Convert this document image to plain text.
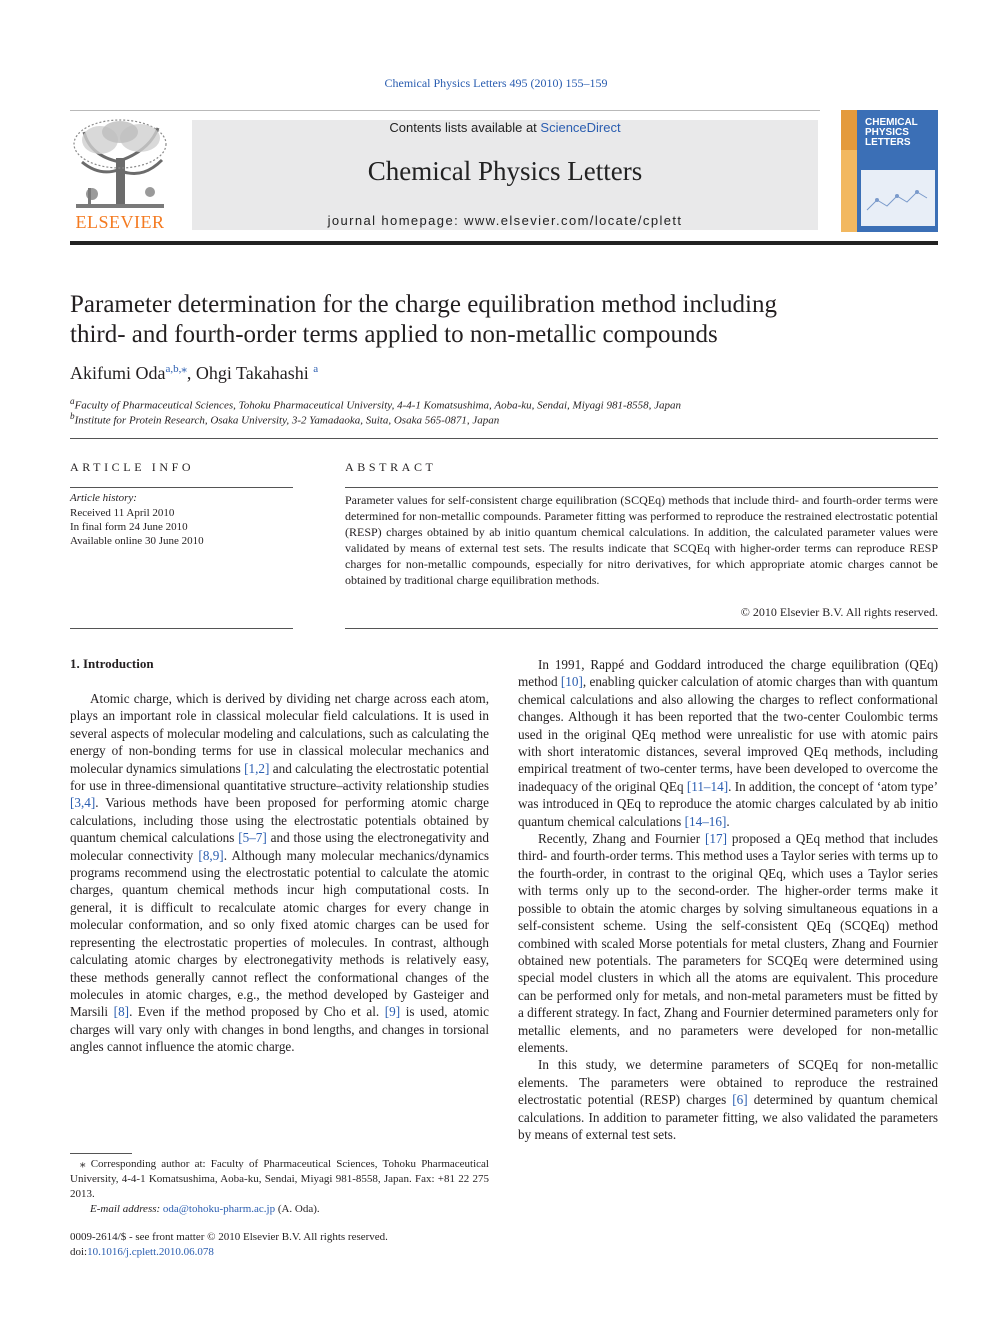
Chemical Physics Letters 495 (2010) 155–159
ELSEVIER
Contents lists available at ScienceDirect
Chemical Physics Letters
journal homepage: www.elsevier.com/locate/cplett
CHEMICAL PHYSICS LETTERS
Parameter determination for the charge equilibration method including
third- and fourth-order terms applied to non-metallic compounds
Akifumi Oda$^{a,b,⁎}$, Ohgi Takahashi $^a$
$^a$Faculty of Pharmaceutical Sciences, Tohoku Pharmaceutical University, 4-4-1 Komatsushima, Aoba-ku, Sendai, Miyagi 981-8558, Japan
$^b$Institute for Protein Research, Osaka University, 3-2 Yamadaoka, Suita, Osaka 565-0871, Japan
ARTICLE INFO
Article history:
Received 11 April 2010
In final form 24 June 2010
Available online 30 June 2010
ABSTRACT
Parameter values for self-consistent charge equilibration (SCQEq) methods that include third- and fourth-order terms were determined for non-metallic compounds. Parameter fitting was performed to reproduce the restrained electrostatic potential (RESP) charges obtained by ab initio quantum chemical calculations. In addition, the calculated parameter values were validated by means of external test sets. The results indicate that SCQEq with higher-order terms can reproduce RESP charges for non-metallic compounds, especially for nitro derivatives, for which appropriate atomic charges cannot be obtained by traditional charge equilibration methods.
© 2010 Elsevier B.V. All rights reserved.
1. Introduction

Atomic charge, which is derived by dividing net charge across each atom, plays an important role in classical molecular field calculations. It is used in several aspects of molecular modeling and calculations, such as calculating the energy of non-bonding terms for use in classical molecular mechanics and molecular dynamics simulations [1,2] and calculating the electrostatic potential for use in three-dimensional quantitative structure–activity relationship studies [3,4]. Various methods have been proposed for performing atomic charge calculations, including those using the electrostatic potentials obtained by quantum chemical calculations [5–7] and those using the electronegativity and molecular connectivity [8,9]. Although many molecular mechanics/dynamics programs recommend using the electrostatic potential to calculate the atomic charges, quantum chemical methods incur high computational costs. In general, it is difficult to recalculate atomic charges for every change in molecular conformation, and so only fixed atomic charges can be used for representing the electrostatic properties of molecules. In contrast, although calculating atomic charges by electronegativity methods is relatively easy, these methods generally cannot reflect the conformational changes of the molecules in atomic charges, e.g., the method developed by Gasteiger and Marsili [8]. Even if the method proposed by Cho et al. [9] is used, atomic charges will vary only with changes in bond lengths, and changes in torsional angles cannot influence the atomic charge.

In 1991, Rappé and Goddard introduced the charge equilibration (QEq) method [10], enabling quicker calculation of atomic charges than with quantum chemical calculations and also allowing the charges to reflect conformational changes. Although it has been reported that the two-center Coulombic terms used in the original QEq method were unrealistic for use with atomic pairs with short interatomic distances, several improved QEq methods, including empirical treatment of two-center terms, have been developed to overcome the inadequacy of the original QEq [11–14]. In addition, the concept of ‘atom type’ was introduced in QEq to reproduce the atomic charges calculated by ab initio quantum chemical calculations [14–16].

Recently, Zhang and Fournier [17] proposed a QEq method that includes third- and fourth-order terms. This method uses a Taylor series with terms up to the fourth-order, in contrast to the original QEq, which uses a Taylor series with terms only up to the second-order. The higher-order terms make it possible to obtain the atomic charges by solving simultaneous equations in a self-consistent scheme. Using the self-consistent QEq (SCQEq) method combined with scaled Morse potentials for metal clusters, Zhang and Fournier obtained new potentials. The parameters for SCQEq were determined using special model clusters in which all the atoms are equivalent. This procedure can be performed only for metals, and non-metal parameters must be fitted by a different strategy. In fact, Zhang and Fournier determined parameters only for metallic elements, and no parameters were developed for non-metallic elements.

In this study, we determine parameters of SCQEq for non-metallic elements. The parameters were obtained to reproduce the restrained electrostatic potential (RESP) charges [6] determined by quantum chemical calculations. In addition to parameter fitting, we also validated the parameters by means of external test sets.

⁎ Corresponding author at: Faculty of Pharmaceutical Sciences, Tohoku Pharmaceutical University, 4-4-1 Komatsushima, Aoba-ku, Sendai, Miyagi 981-8558, Japan. Fax: +81 22 275 2013.
E-mail address: oda@tohoku-pharm.ac.jp (A. Oda).
0009-2614/$ - see front matter © 2010 Elsevier B.V. All rights reserved.
doi:10.1016/j.cplett.2010.06.078
